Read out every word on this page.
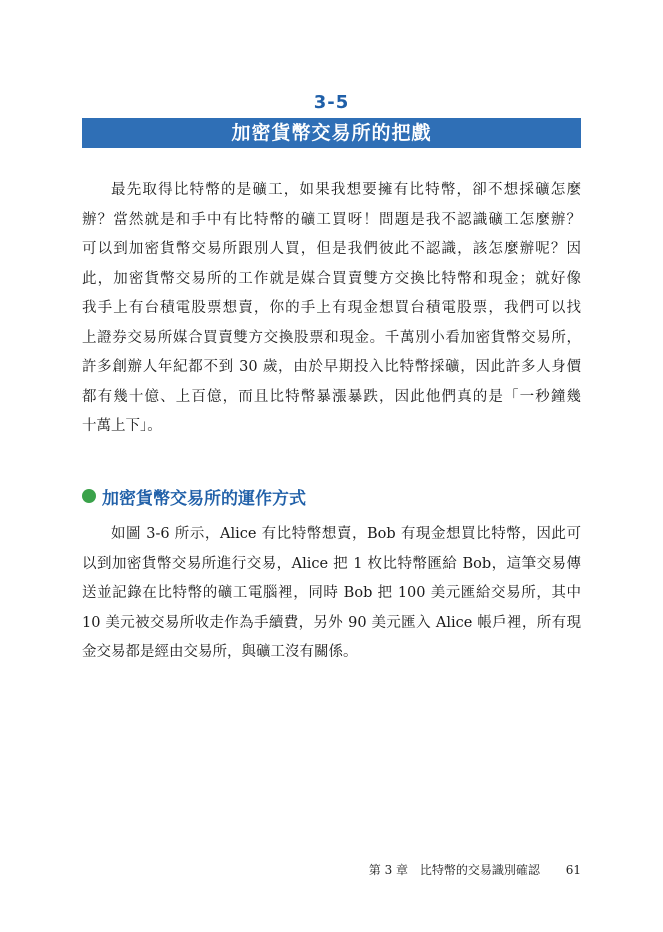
3-5
加密貨幣交易所的把戲
最先取得比特幣的是礦工，如果我想要擁有比特幣，卻不想採礦怎麼
辦？當然就是和手中有比特幣的礦工買呀！問題是我不認識礦工怎麼辦？
可以到加密貨幣交易所跟別人買，但是我們彼此不認識，該怎麼辦呢？因
此，加密貨幣交易所的工作就是媒合買賣雙方交換比特幣和現金；就好像
我手上有台積電股票想賣，你的手上有現金想買台積電股票，我們可以找
上證券交易所媒合買賣雙方交換股票和現金。千萬別小看加密貨幣交易所，
許多創辦人年紀都不到 30 歲，由於早期投入比特幣採礦，因此許多人身價
都有幾十億、上百億，而且比特幣暴漲暴跌，因此他們真的是「一秒鐘幾
十萬上下」。
加密貨幣交易所的運作方式
如圖 3-6 所示，Alice 有比特幣想賣，Bob 有現金想買比特幣，因此可
以到加密貨幣交易所進行交易，Alice 把 1 枚比特幣匯給 Bob，這筆交易傳
送並記錄在比特幣的礦工電腦裡，同時 Bob 把 100 美元匯給交易所，其中
10 美元被交易所收走作為手續費，另外 90 美元匯入 Alice 帳戶裡，所有現
金交易都是經由交易所，與礦工沒有關係。
第 3 章 比特幣的交易識別確認 61
